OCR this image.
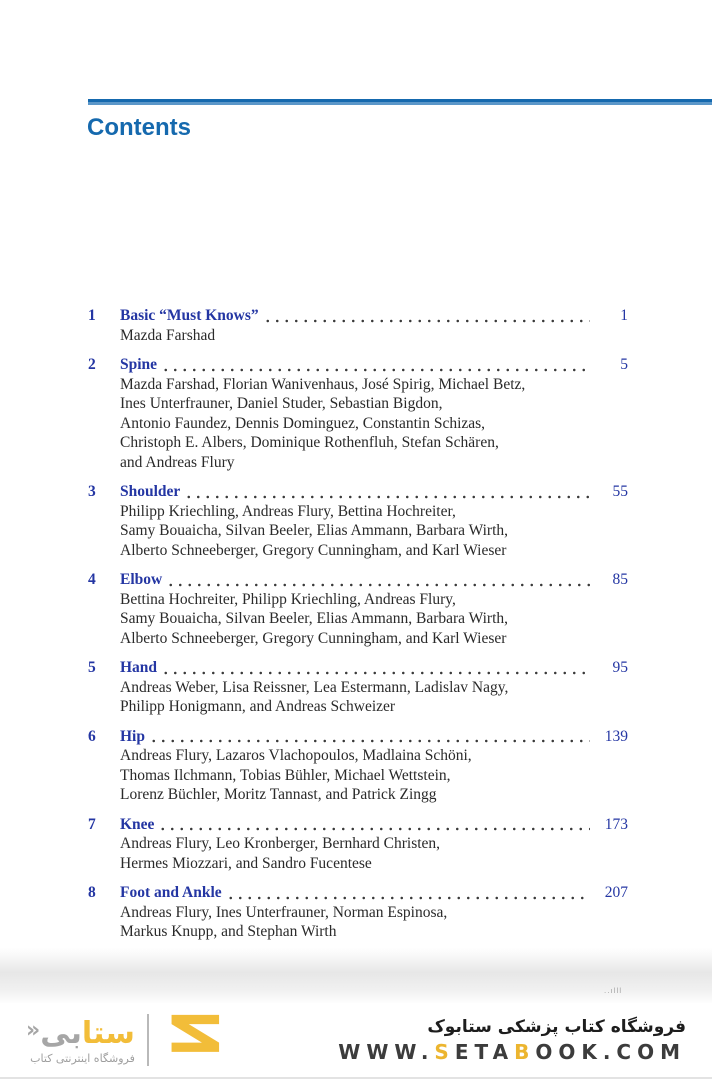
Contents
1	Basic “Must Knows”	1
Mazda Farshad
2	Spine	5
Mazda Farshad, Florian Wanivenhaus, José Spirig, Michael Betz,
Ines Unterfrauner, Daniel Studer, Sebastian Bigdon,
Antonio Faundez, Dennis Dominguez, Constantin Schizas,
Christoph E. Albers, Dominique Rothenfluh, Stefan Schären,
and Andreas Flury
3	Shoulder	55
Philipp Kriechling, Andreas Flury, Bettina Hochreiter,
Samy Bouaicha, Silvan Beeler, Elias Ammann, Barbara Wirth,
Alberto Schneeberger, Gregory Cunningham, and Karl Wieser
4	Elbow	85
Bettina Hochreiter, Philipp Kriechling, Andreas Flury,
Samy Bouaicha, Silvan Beeler, Elias Ammann, Barbara Wirth,
Alberto Schneeberger, Gregory Cunningham, and Karl Wieser
5	Hand	95
Andreas Weber, Lisa Reissner, Lea Estermann, Ladislav Nagy,
Philipp Honigmann, and Andreas Schweizer
6	Hip	139
Andreas Flury, Lazaros Vlachopoulos, Madlaina Schöni,
Thomas Ilchmann, Tobias Bühler, Michael Wettstein,
Lorenz Büchler, Moritz Tannast, and Patrick Zingg
7	Knee	173
Andreas Flury, Leo Kronberger, Bernhard Christen,
Hermes Miozzari, and Sandro Fucentese
8	Foot and Ankle	207
Andreas Flury, Ines Unterfrauner, Norman Espinosa,
Markus Knupp, and Stephan Wirth
..ılll
ستابی«
فروشگاه اینترنتی کتاب
فروشگاه کتاب پزشکی ستابوک
WWW.SETABOOK.COM
